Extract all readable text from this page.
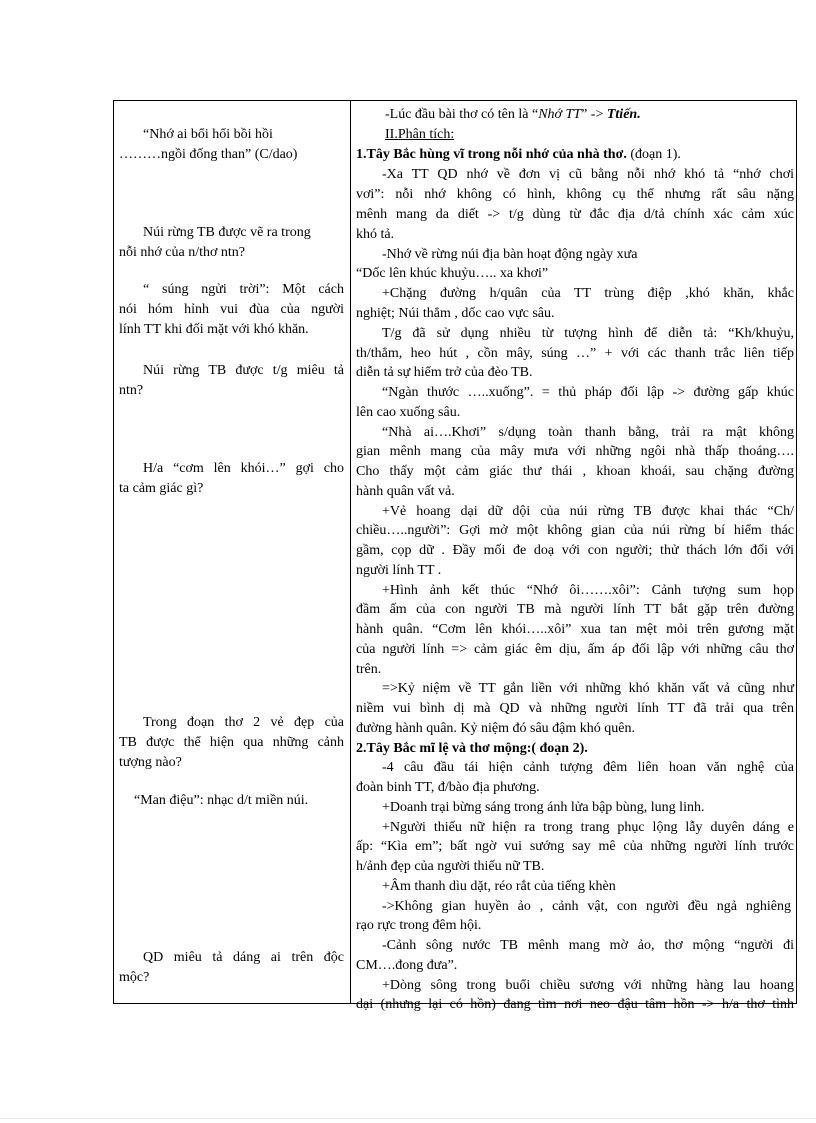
“Nhớ ai bổi hổi bồi hồi
………ngồi đống than” (C/dao)
Núi rừng TB được vẽ ra trong
nỗi nhớ của n/thơ ntn?
“ súng ngửi trời”: Một cách
nói hóm hỉnh vui đùa của người
lính TT khi đối mặt với khó khăn.
Núi rừng TB được t/g miêu tả
ntn?
H/a “cơm lên khói…” gợi cho
ta cảm giác gì?
Trong đoạn thơ 2 vẻ đẹp của
TB được thể hiện qua những cảnh
tượng nào?
“Man điệu”: nhạc d/t miền núi.
QD miêu tả dáng ai trên độc
mộc?
-Lúc đầu bài thơ có tên là “Nhớ TT” -> Ttiến.
II.Phân tích:
1.Tây Bắc hùng vĩ trong nỗi nhớ của nhà thơ. (đoạn 1).
-Xa TT QD nhớ về đơn vị cũ bằng nỗi nhớ khó tả “nhớ chơi
vơi”: nỗi nhớ không có hình, không cụ thể nhưng rất sâu nặng
mênh mang da diết -> t/g dùng từ đắc địa d/tả chính xác cảm xúc
khó tả.
-Nhớ về rừng núi địa bàn hoạt động ngày xưa
“Dốc lên khúc khuỷu….. xa khơi”
+Chặng đường h/quân của TT trùng điệp ,khó khăn, khắc
nghiệt; Núi thẳm , dốc cao vực sâu.
T/g đã sử dụng nhiều từ tượng hình để diễn tả: “Kh/khuỷu,
th/thẳm, heo hút , cồn mây, súng …” + với các thanh trắc liên tiếp
diễn tả sự hiểm trở của đèo TB.
“Ngàn thước …..xuống”. = thủ pháp đối lập -> đường gấp khúc
lên cao xuống sâu.
“Nhà ai….Khơi” s/dụng toàn thanh bằng, trải ra mật không
gian mênh mang của mây mưa với những ngôi nhà thấp thoáng….
Cho thấy một cảm giác thư thái , khoan khoái, sau chặng đường
hành quân vất vả.
+Vẻ hoang dại dữ dội của núi rừng TB được khai thác “Ch/
chiều…..người”: Gợi mở một không gian của núi rừng bí hiểm thác
gầm, cọp dữ . Đầy mối đe doạ với con người; thử thách lớn đối với
người lính TT .
+Hình ảnh kết thúc “Nhớ ôi…….xôi”: Cảnh tượng sum họp
đầm ấm của con người TB mà người lính TT bắt gặp trên đường
hành quân. “Cơm lên khói…..xôi” xua tan mệt mỏi trên gương mặt
của người lính => cảm giác êm dịu, ấm áp đối lập với những câu thơ
trên.
=>Kỷ niệm về TT gắn liền với những khó khăn vất vả cũng như
niềm vui bình dị mà QD và những người lính TT đã trải qua trên
đường hành quân. Kỷ niệm đó sâu đậm khó quên.
2.Tây Bắc mĩ lệ và thơ mộng:( đoạn 2).
-4 câu đầu tái hiện cảnh tượng đêm liên hoan văn nghệ của
đoàn binh TT, đ/bào địa phương.
+Doanh trại bừng sáng trong ánh lửa bập bùng, lung linh.
+Người thiếu nữ hiện ra trong trang phục lộng lẫy duyên dáng e
ấp: “Kìa em”; bất ngờ vui sướng say mê của những người lính trước
h/ảnh đẹp của người thiếu nữ TB.
+Âm thanh dìu dặt, réo rắt của tiếng khèn
->Không gian huyền ảo , cảnh vật, con người đều ngả nghiêng
rạo rực trong đêm hội.
-Cảnh sông nước TB mênh mang mờ ảo, thơ mộng “người đi
CM….đong đưa”.
+Dòng sông trong buổi chiều sương với những hàng lau hoang
dại (nhưng lại có hồn) đang tìm nơi neo đậu tâm hồn -> h/a thơ tình
